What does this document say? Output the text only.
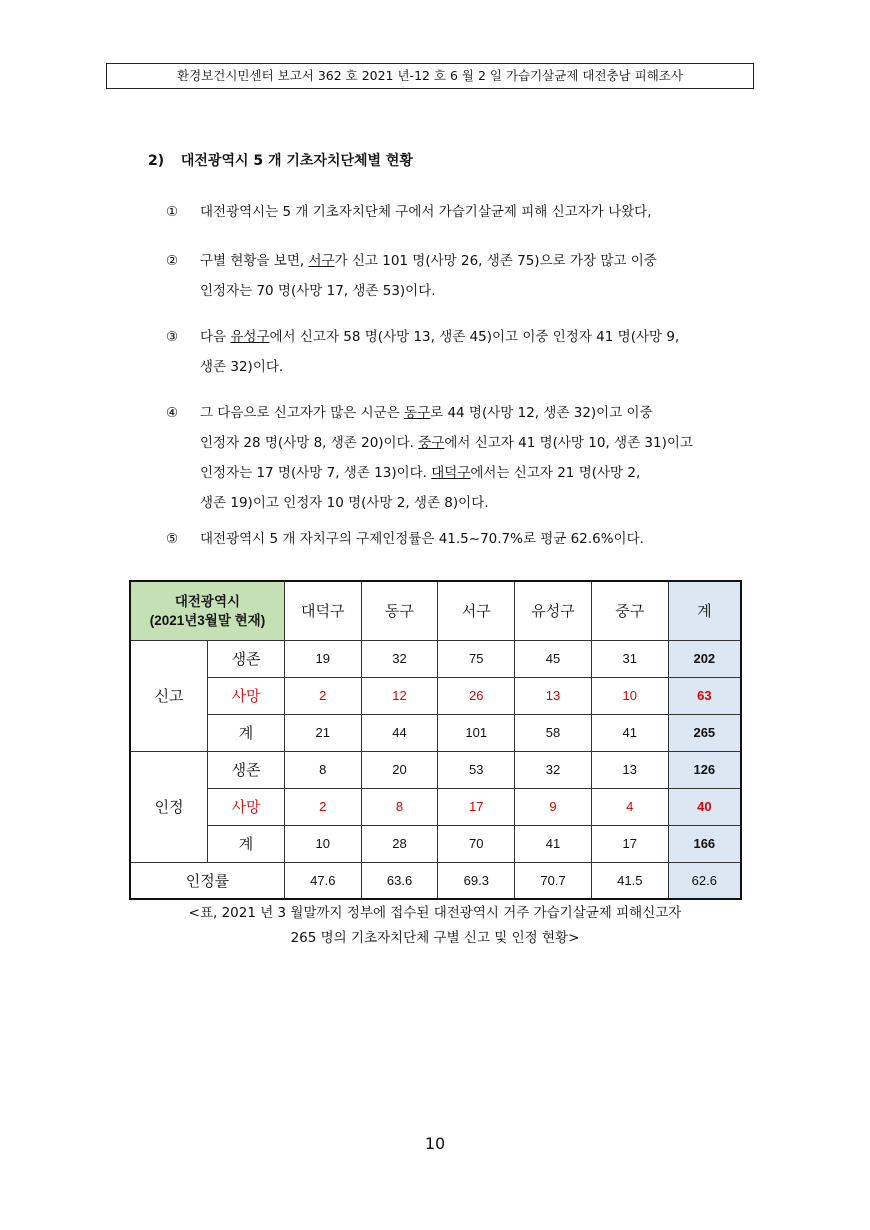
환경보건시민센터 보고서 362 호 2021 년-12 호 6 월 2 일 가습기살균제 대전충남 피해조사
2) 대전광역시 5 개 기초자치단체별 현황
①	대전광역시는 5 개 기초자치단체 구에서 가습기살균제 피해 신고자가 나왔다,
②	구별 현황을 보면, 서구가 신고 101 명(사망 26, 생존 75)으로 가장 많고 이중
인정자는 70 명(사망 17, 생존 53)이다.
③	다음 유성구에서 신고자 58 명(사망 13, 생존 45)이고 이중 인정자 41 명(사망 9,
생존 32)이다.
④	그 다음으로 신고자가 많은 시군은 동구로 44 명(사망 12, 생존 32)이고 이중
인정자 28 명(사망 8, 생존 20)이다. 중구에서 신고자 41 명(사망 10, 생존 31)이고
인정자는 17 명(사망 7, 생존 13)이다. 대덕구에서는 신고자 21 명(사망 2,
생존 19)이고 인정자 10 명(사망 2, 생존 8)이다.
⑤	대전광역시 5 개 자치구의 구제인정률은 41.5~70.7%로 평균 62.6%이다.
대전광역시
(2021년3월말 현재)		대덕구	동구	서구	유성구	중구	계
신고	생존	19	32	75	45	31	202
	사망	2	12	26	13	10	63
	계	21	44	101	58	41	265
인정	생존	8	20	53	32	13	126
	사망	2	8	17	9	4	40
	계	10	28	70	41	17	166
인정률		47.6	63.6	69.3	70.7	41.5	62.6
<표, 2021 년 3 월말까지 정부에 접수된 대전광역시 거주 가습기살균제 피해신고자
265 명의 기초자치단체 구별 신고 및 인정 현황>
10
